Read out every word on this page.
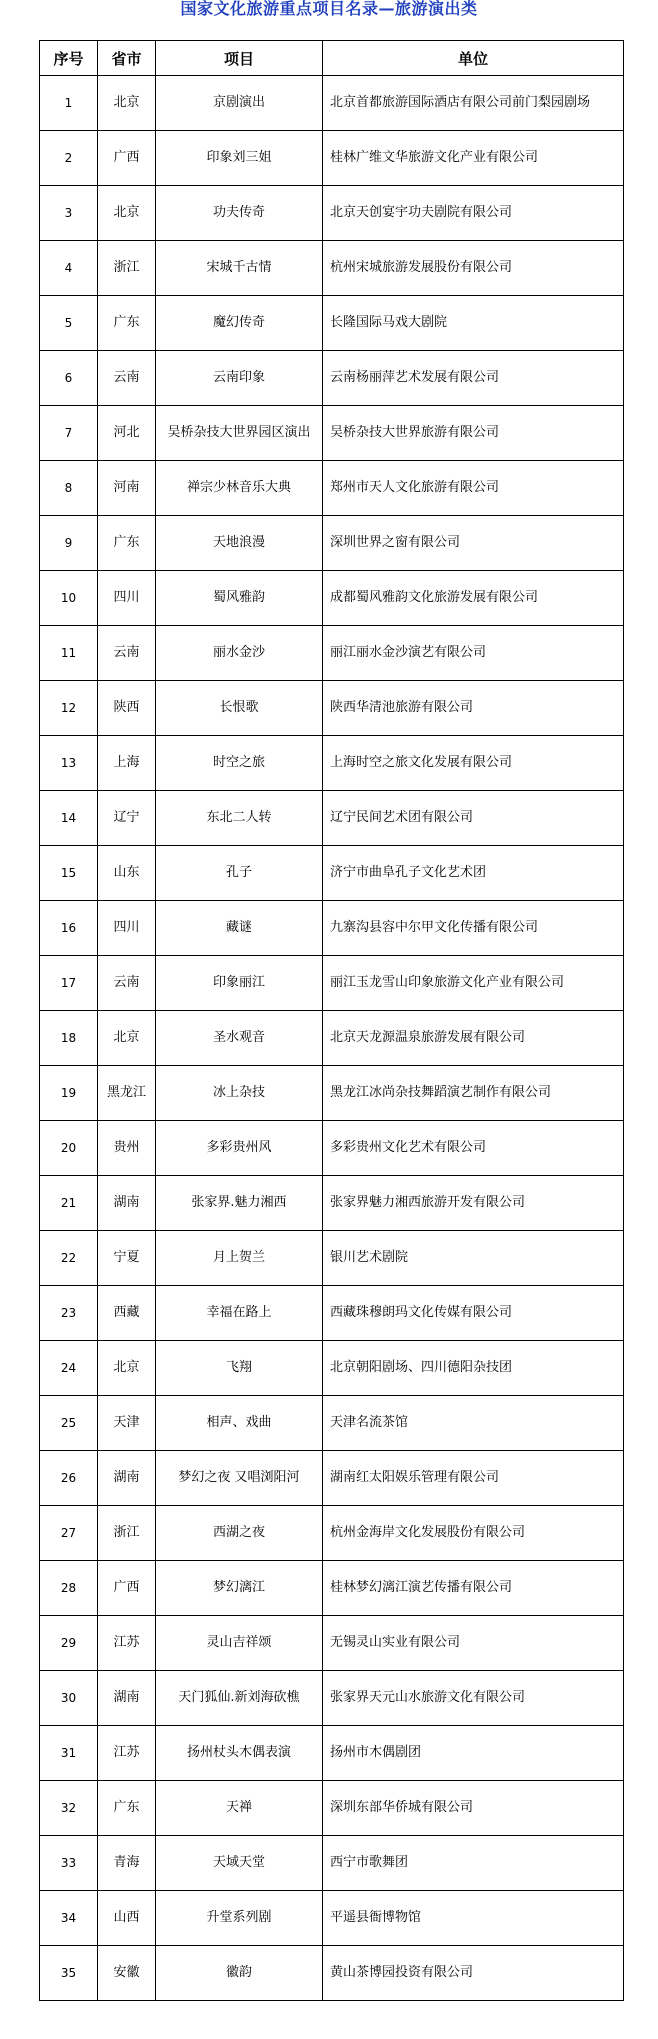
国家文化旅游重点项目名录—旅游演出类
序号	省市	项目	单位
1	北京	京剧演出	北京首都旅游国际酒店有限公司前门梨园剧场
2	广西	印象刘三姐	桂林广维文华旅游文化产业有限公司
3	北京	功夫传奇	北京天创宴宇功夫剧院有限公司
4	浙江	宋城千古情	杭州宋城旅游发展股份有限公司
5	广东	魔幻传奇	长隆国际马戏大剧院
6	云南	云南印象	云南杨丽萍艺术发展有限公司
7	河北	吴桥杂技大世界园区演出	吴桥杂技大世界旅游有限公司
8	河南	禅宗少林音乐大典	郑州市天人文化旅游有限公司
9	广东	天地浪漫	深圳世界之窗有限公司
10	四川	蜀风雅韵	成都蜀风雅韵文化旅游发展有限公司
11	云南	丽水金沙	丽江丽水金沙演艺有限公司
12	陕西	长恨歌	陕西华清池旅游有限公司
13	上海	时空之旅	上海时空之旅文化发展有限公司
14	辽宁	东北二人转	辽宁民间艺术团有限公司
15	山东	孔子	济宁市曲阜孔子文化艺术团
16	四川	藏谜	九寨沟县容中尔甲文化传播有限公司
17	云南	印象丽江	丽江玉龙雪山印象旅游文化产业有限公司
18	北京	圣水观音	北京天龙源温泉旅游发展有限公司
19	黑龙江	冰上杂技	黑龙江冰尚杂技舞蹈演艺制作有限公司
20	贵州	多彩贵州风	多彩贵州文化艺术有限公司
21	湖南	张家界.魅力湘西	张家界魅力湘西旅游开发有限公司
22	宁夏	月上贺兰	银川艺术剧院
23	西藏	幸福在路上	西藏珠穆朗玛文化传媒有限公司
24	北京	飞翔	北京朝阳剧场、四川德阳杂技团
25	天津	相声、戏曲	天津名流茶馆
26	湖南	梦幻之夜 又唱浏阳河	湖南红太阳娱乐管理有限公司
27	浙江	西湖之夜	杭州金海岸文化发展股份有限公司
28	广西	梦幻漓江	桂林梦幻漓江演艺传播有限公司
29	江苏	灵山吉祥颂	无锡灵山实业有限公司
30	湖南	天门狐仙.新刘海砍樵	张家界天元山水旅游文化有限公司
31	江苏	扬州杖头木偶表演	扬州市木偶剧团
32	广东	天禅	深圳东部华侨城有限公司
33	青海	天域天堂	西宁市歌舞团
34	山西	升堂系列剧	平遥县衙博物馆
35	安徽	徽韵	黄山茶博园投资有限公司
